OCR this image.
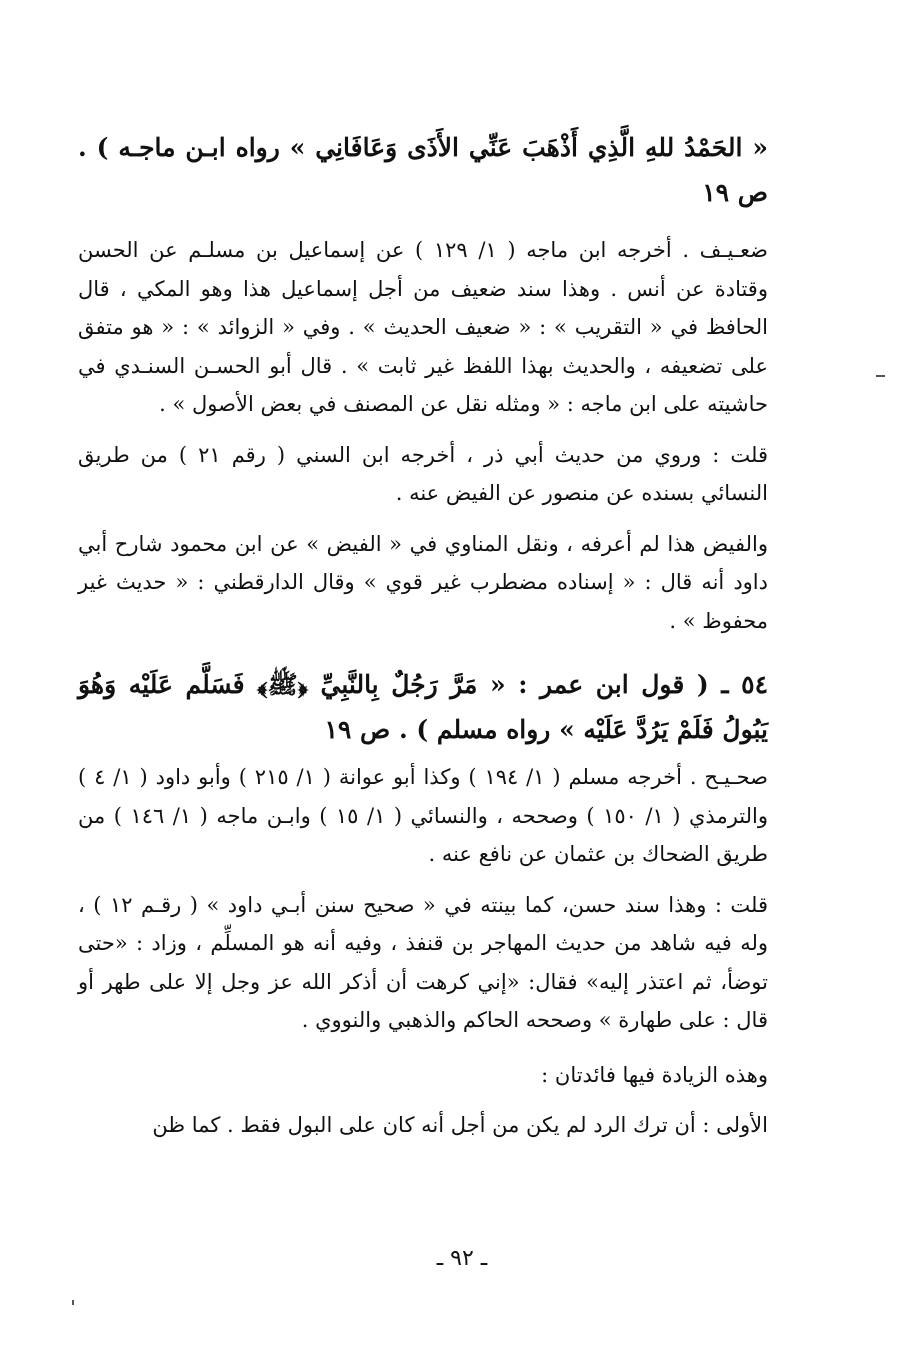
« الحَمْدُ للهِ الَّذِي أَذْهَبَ عَنِّي الأَذَى وَعَافَانِي » رواه ابـن ماجـه ) . ص ١٩

ضعـيـف . أخرجه ابن ماجه ( ١/ ١٢٩ ) عن إسماعيل بن مسلـم عن الحسن وقتادة عن أنس . وهذا سند ضعيف من أجل إسماعيل هذا وهو المكي ، قال الحافظ في « التقريب » : « ضعيف الحديث » . وفي « الزوائد » : « هو متفق على تضعيفه ، والحديث بهذا اللفظ غير ثابت » . قال أبو الحسـن السنـدي في حاشيته على ابن ماجه : « ومثله نقل عن المصنف في بعض الأصول » .

قلت : وروي من حديث أبي ذر ، أخرجه ابن السني ( رقم ٢١ ) من طريق النسائي بسنده عن منصور عن الفيض عنه .

والفيض هذا لم أعرفه ، ونقل المناوي في « الفيض » عن ابن محمود شارح أبي داود أنه قال : « إسناده مضطرب غير قوي » وقال الدارقطني : « حديث غير محفوظ » .

٥٤ ـ ( قول ابن عمر : « مَرَّ رَجُلٌ بِالنَّبِيِّ ﴿ﷺ﴾ فَسَلَّم عَلَيْه وَهُوَ يَبُولُ فَلَمْ يَرُدَّ عَلَيْه » رواه مسلم ) . ص ١٩

صحـيـح . أخرجه مسلم ( ١/ ١٩٤ ) وكذا أبو عوانة ( ١/ ٢١٥ ) وأبو داود ( ١/ ٤ ) والترمذي ( ١/ ١٥٠ ) وصححه ، والنسائي ( ١/ ١٥ ) وابـن ماجه ( ١/ ١٤٦ ) من طريق الضحاك بن عثمان عن نافع عنه .

قلت : وهذا سند حسن، كما بينته في « صحيح سنن أبـي داود » ( رقـم ١٢ ) ، وله فيه شاهد من حديث المهاجر بن قنفذ ، وفيه أنه هو المسلِّم ، وزاد : «حتى توضأ، ثم اعتذر إليه» فقال: «إني كرهت أن أذكر الله عز وجل إلا على طهر أو قال : على طهارة » وصححه الحاكم والذهبي والنووي .

وهذه الزيادة فيها فائدتان :

الأولى : أن ترك الرد لم يكن من أجل أنه كان على البول فقط . كما ظن

ـ ٩٢ ـ
